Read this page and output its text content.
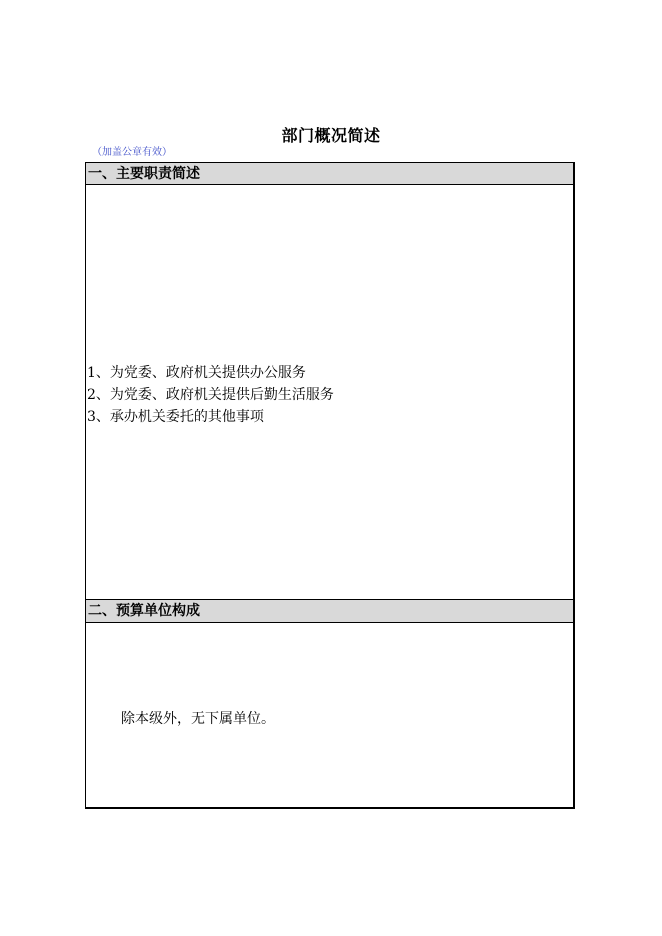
部门概况简述
（加盖公章有效）
一、主要职责简述
1、为党委、政府机关提供办公服务
2、为党委、政府机关提供后勤生活服务
3、承办机关委托的其他事项
二、预算单位构成
除本级外，无下属单位。
